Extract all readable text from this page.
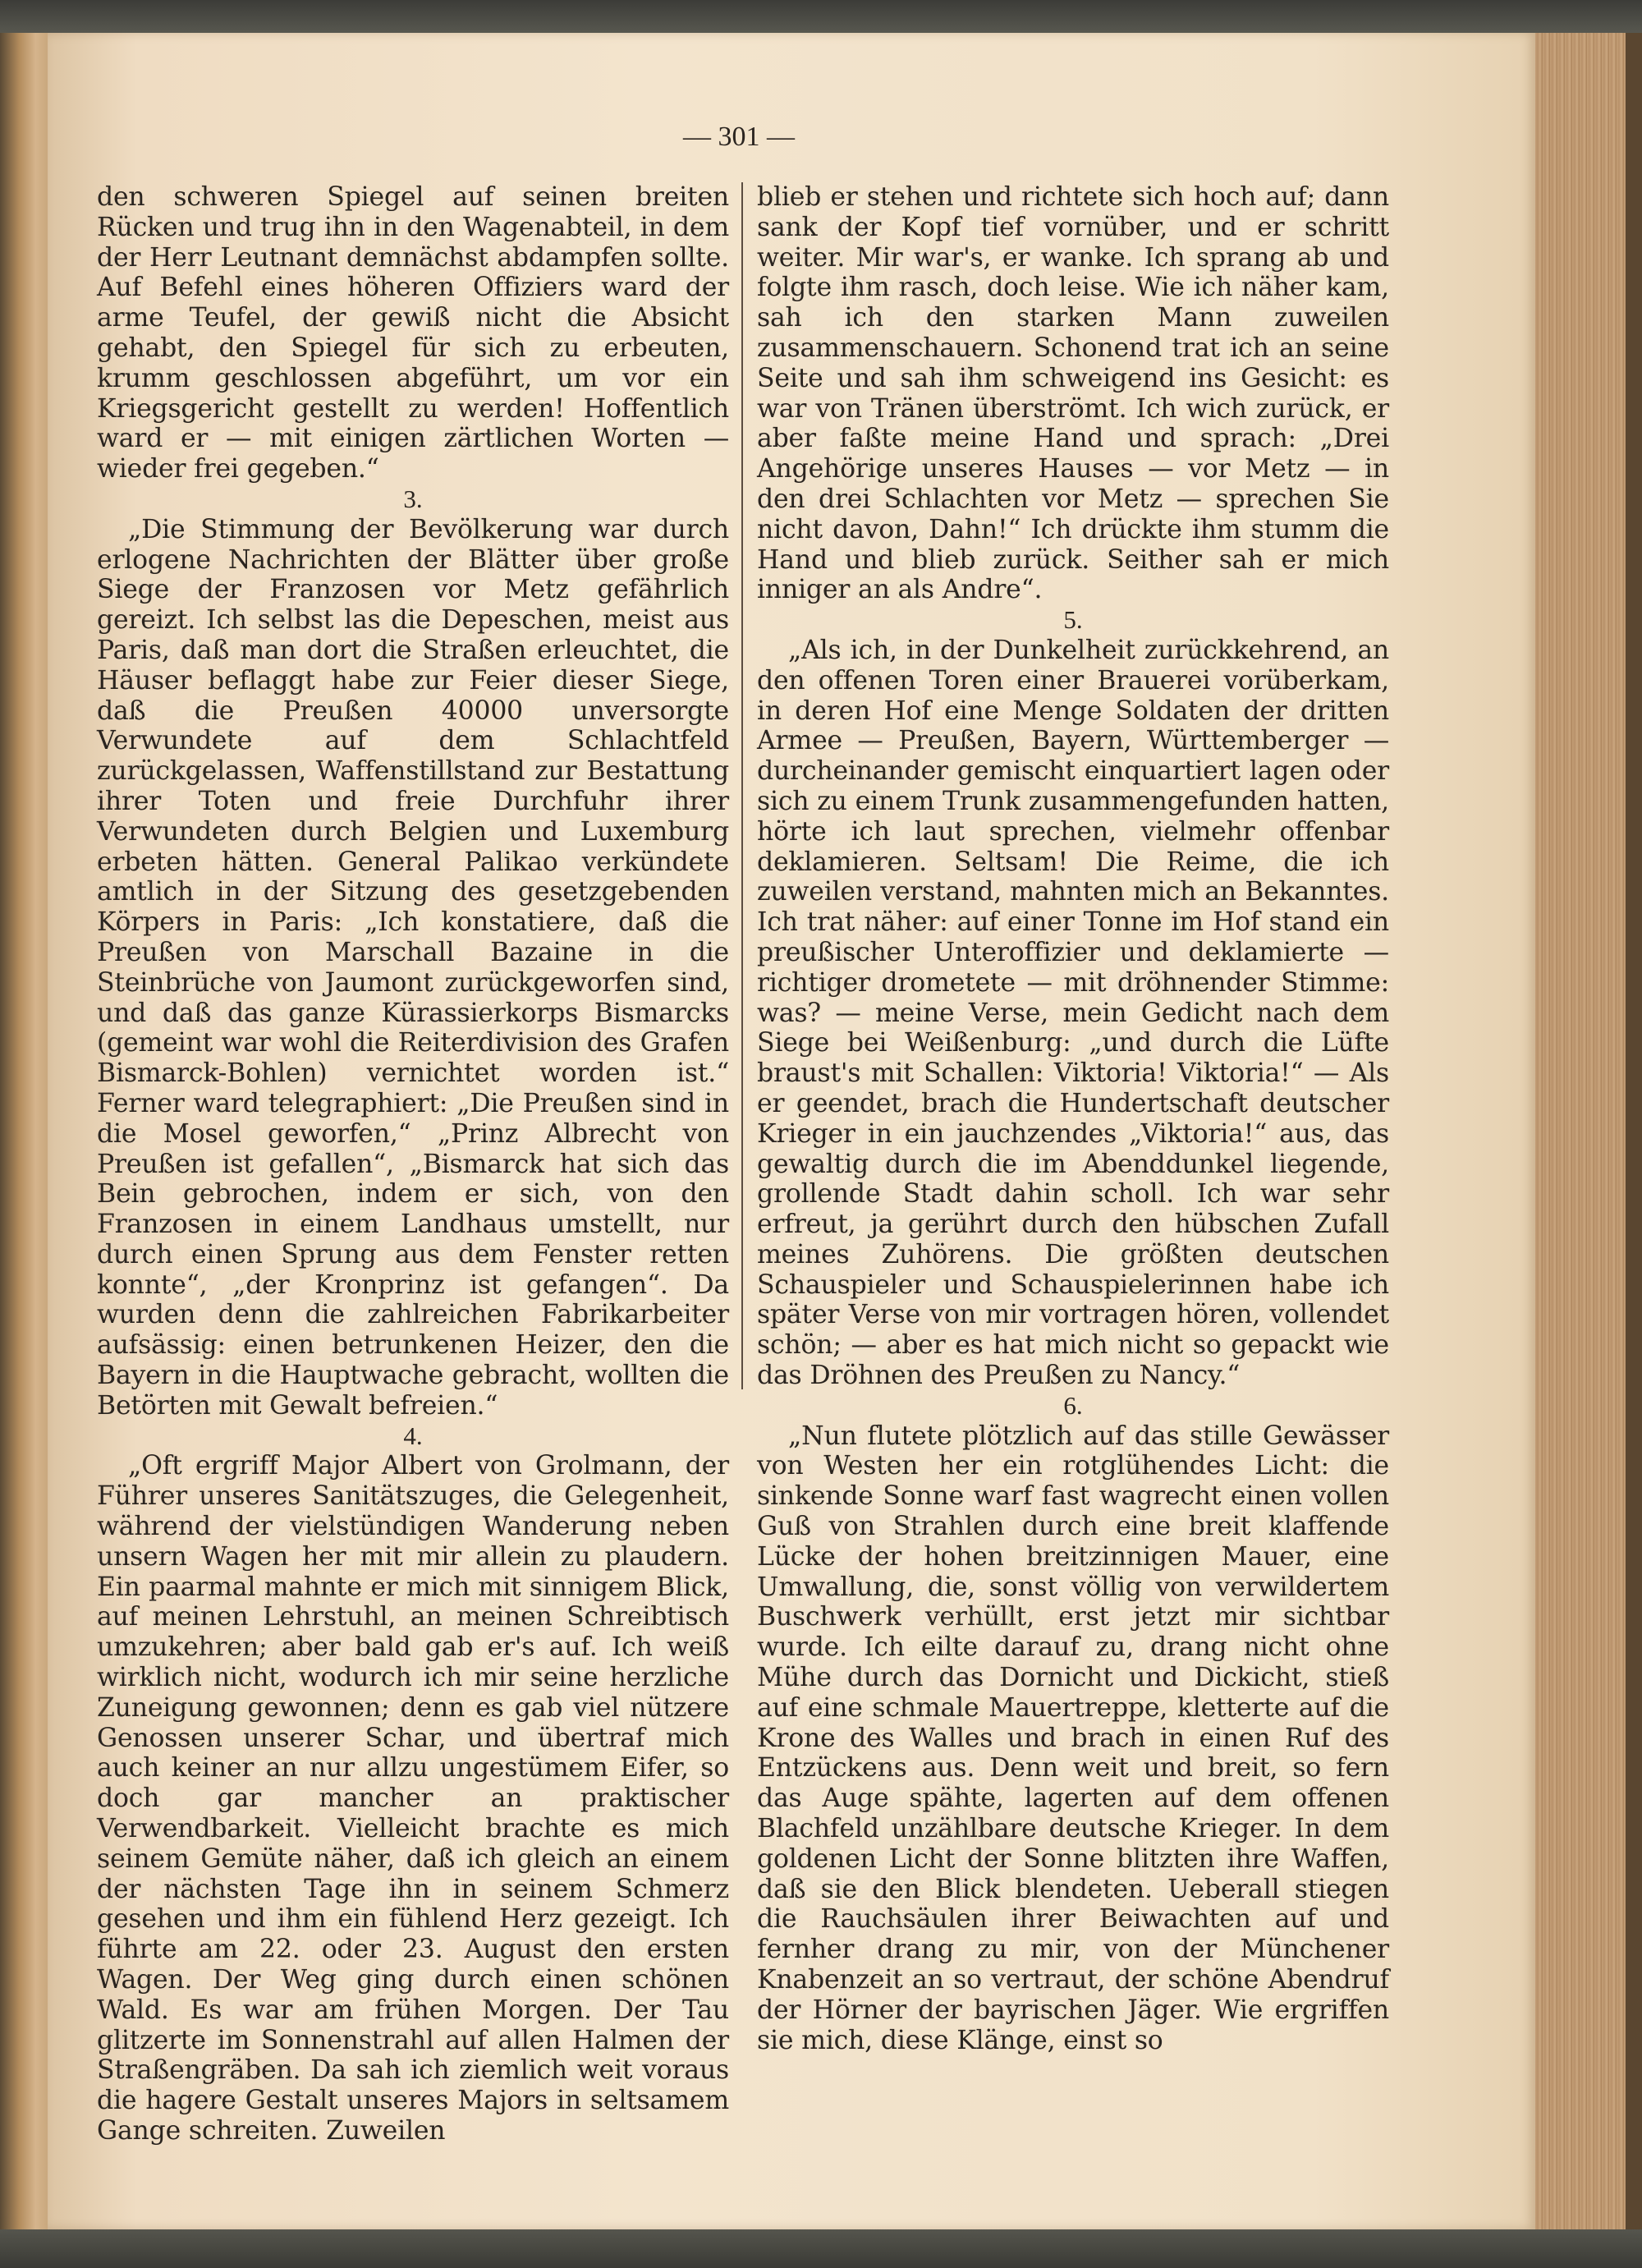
— 301 —

den schweren Spiegel auf seinen breiten Rücken und trug ihn in den Wagenabteil, in dem der Herr Leutnant demnächst abdampfen sollte. Auf Befehl eines höheren Offiziers ward der arme Teufel, der gewiß nicht die Absicht gehabt, den Spiegel für sich zu erbeuten, krumm geschlossen abgeführt, um vor ein Kriegsgericht gestellt zu werden! Hoffentlich ward er — mit einigen zärtlichen Worten — wieder frei gegeben.“

3.

„Die Stimmung der Bevölkerung war durch erlogene Nachrichten der Blätter über große Siege der Franzosen vor Metz gefährlich gereizt. Ich selbst las die Depeschen, meist aus Paris, daß man dort die Straßen erleuchtet, die Häuser beflaggt habe zur Feier dieser Siege, daß die Preußen 40000 unversorgte Verwundete auf dem Schlachtfeld zurückgelassen, Waffenstillstand zur Bestattung ihrer Toten und freie Durchfuhr ihrer Verwundeten durch Belgien und Luxemburg erbeten hätten. General Palikao verkündete amtlich in der Sitzung des gesetzgebenden Körpers in Paris: „Ich konstatiere, daß die Preußen von Marschall Bazaine in die Steinbrüche von Jaumont zurückgeworfen sind, und daß das ganze Kürassierkorps Bismarcks (gemeint war wohl die Reiterdivision des Grafen Bismarck-Bohlen) vernichtet worden ist.“ Ferner ward telegraphiert: „Die Preußen sind in die Mosel geworfen,“ „Prinz Albrecht von Preußen ist gefallen“, „Bismarck hat sich das Bein gebrochen, indem er sich, von den Franzosen in einem Landhaus umstellt, nur durch einen Sprung aus dem Fenster retten konnte“, „der Kronprinz ist gefangen“. Da wurden denn die zahlreichen Fabrikarbeiter aufsässig: einen betrunkenen Heizer, den die Bayern in die Hauptwache gebracht, wollten die Betörten mit Gewalt befreien.“

4.

„Oft ergriff Major Albert von Grolmann, der Führer unseres Sanitätszuges, die Gelegenheit, während der vielstündigen Wanderung neben unsern Wagen her mit mir allein zu plaudern. Ein paarmal mahnte er mich mit sinnigem Blick, auf meinen Lehrstuhl, an meinen Schreibtisch umzukehren; aber bald gab er's auf. Ich weiß wirklich nicht, wodurch ich mir seine herzliche Zuneigung gewonnen; denn es gab viel nützere Genossen unserer Schar, und übertraf mich auch keiner an nur allzu ungestümem Eifer, so doch gar mancher an praktischer Verwendbarkeit. Vielleicht brachte es mich seinem Gemüte näher, daß ich gleich an einem der nächsten Tage ihn in seinem Schmerz gesehen und ihm ein fühlend Herz gezeigt. Ich führte am 22. oder 23. August den ersten Wagen. Der Weg ging durch einen schönen Wald. Es war am frühen Morgen. Der Tau glitzerte im Sonnenstrahl auf allen Halmen der Straßengräben. Da sah ich ziemlich weit voraus die hagere Gestalt unseres Majors in seltsamem Gange schreiten. Zuweilen

blieb er stehen und richtete sich hoch auf; dann sank der Kopf tief vornüber, und er schritt weiter. Mir war's, er wanke. Ich sprang ab und folgte ihm rasch, doch leise. Wie ich näher kam, sah ich den starken Mann zuweilen zusammenschauern. Schonend trat ich an seine Seite und sah ihm schweigend ins Gesicht: es war von Tränen überströmt. Ich wich zurück, er aber faßte meine Hand und sprach: „Drei Angehörige unseres Hauses — vor Metz — in den drei Schlachten vor Metz — sprechen Sie nicht davon, Dahn!“ Ich drückte ihm stumm die Hand und blieb zurück. Seither sah er mich inniger an als Andre“.

5.

„Als ich, in der Dunkelheit zurückkehrend, an den offenen Toren einer Brauerei vorüberkam, in deren Hof eine Menge Soldaten der dritten Armee — Preußen, Bayern, Württemberger — durcheinander gemischt einquartiert lagen oder sich zu einem Trunk zusammengefunden hatten, hörte ich laut sprechen, vielmehr offenbar deklamieren. Seltsam! Die Reime, die ich zuweilen verstand, mahnten mich an Bekanntes. Ich trat näher: auf einer Tonne im Hof stand ein preußischer Unteroffizier und deklamierte — richtiger drometete — mit dröhnender Stimme: was? — meine Verse, mein Gedicht nach dem Siege bei Weißenburg: „und durch die Lüfte braust's mit Schallen: Viktoria! Viktoria!“ — Als er geendet, brach die Hundertschaft deutscher Krieger in ein jauchzendes „Viktoria!“ aus, das gewaltig durch die im Abenddunkel liegende, grollende Stadt dahin scholl. Ich war sehr erfreut, ja gerührt durch den hübschen Zufall meines Zuhörens. Die größten deutschen Schauspieler und Schauspielerinnen habe ich später Verse von mir vortragen hören, vollendet schön; — aber es hat mich nicht so gepackt wie das Dröhnen des Preußen zu Nancy.“

6.

„Nun flutete plötzlich auf das stille Gewässer von Westen her ein rotglühendes Licht: die sinkende Sonne warf fast wagrecht einen vollen Guß von Strahlen durch eine breit klaffende Lücke der hohen breitzinnigen Mauer, eine Umwallung, die, sonst völlig von verwildertem Buschwerk verhüllt, erst jetzt mir sichtbar wurde. Ich eilte darauf zu, drang nicht ohne Mühe durch das Dornicht und Dickicht, stieß auf eine schmale Mauertreppe, kletterte auf die Krone des Walles und brach in einen Ruf des Entzückens aus. Denn weit und breit, so fern das Auge spähte, lagerten auf dem offenen Blachfeld unzählbare deutsche Krieger. In dem goldenen Licht der Sonne blitzten ihre Waffen, daß sie den Blick blendeten. Ueberall stiegen die Rauchsäulen ihrer Beiwachten auf und fernher drang zu mir, von der Münchener Knabenzeit an so vertraut, der schöne Abendruf der Hörner der bayrischen Jäger. Wie ergriffen sie mich, diese Klänge, einst so
